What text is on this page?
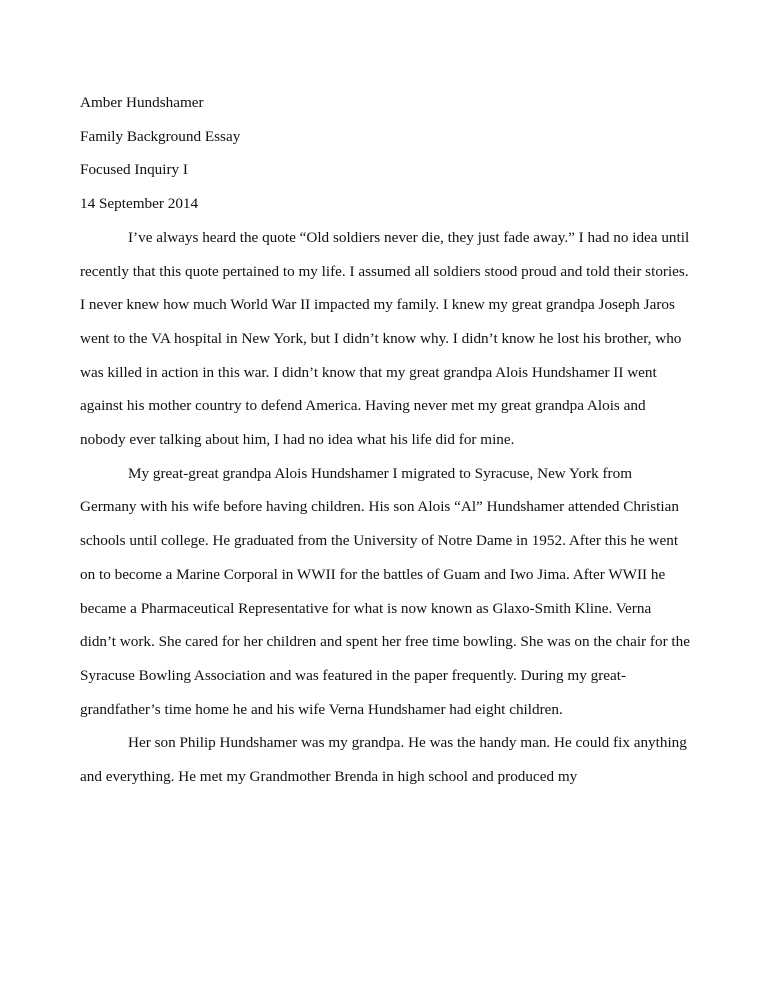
Amber Hundshamer

Family Background Essay

Focused Inquiry I

14 September 2014

I’ve always heard the quote “Old soldiers never die, they just fade away.” I had no idea until recently that this quote pertained to my life. I assumed all soldiers stood proud and told their stories. I never knew how much World War II impacted my family. I knew my great grandpa Joseph Jaros went to the VA hospital in New York, but I didn’t know why. I didn’t know he lost his brother, who was killed in action in this war. I didn’t know that my great grandpa Alois Hundshamer II went against his mother country to defend America. Having never met my great grandpa Alois and nobody ever talking about him, I had no idea what his life did for mine.

My great-great grandpa Alois Hundshamer I migrated to Syracuse, New York from Germany with his wife before having children. His son Alois “Al” Hundshamer attended Christian schools until college. He graduated from the University of Notre Dame in 1952. After this he went on to become a Marine Corporal in WWII for the battles of Guam and Iwo Jima. After WWII he became a Pharmaceutical Representative for what is now known as Glaxo-Smith Kline. Verna didn’t work. She cared for her children and spent her free time bowling. She was on the chair for the Syracuse Bowling Association and was featured in the paper frequently. During my great-grandfather’s time home he and his wife Verna Hundshamer had eight children.

Her son Philip Hundshamer was my grandpa. He was the handy man. He could fix anything and everything. He met my Grandmother Brenda in high school and produced my
